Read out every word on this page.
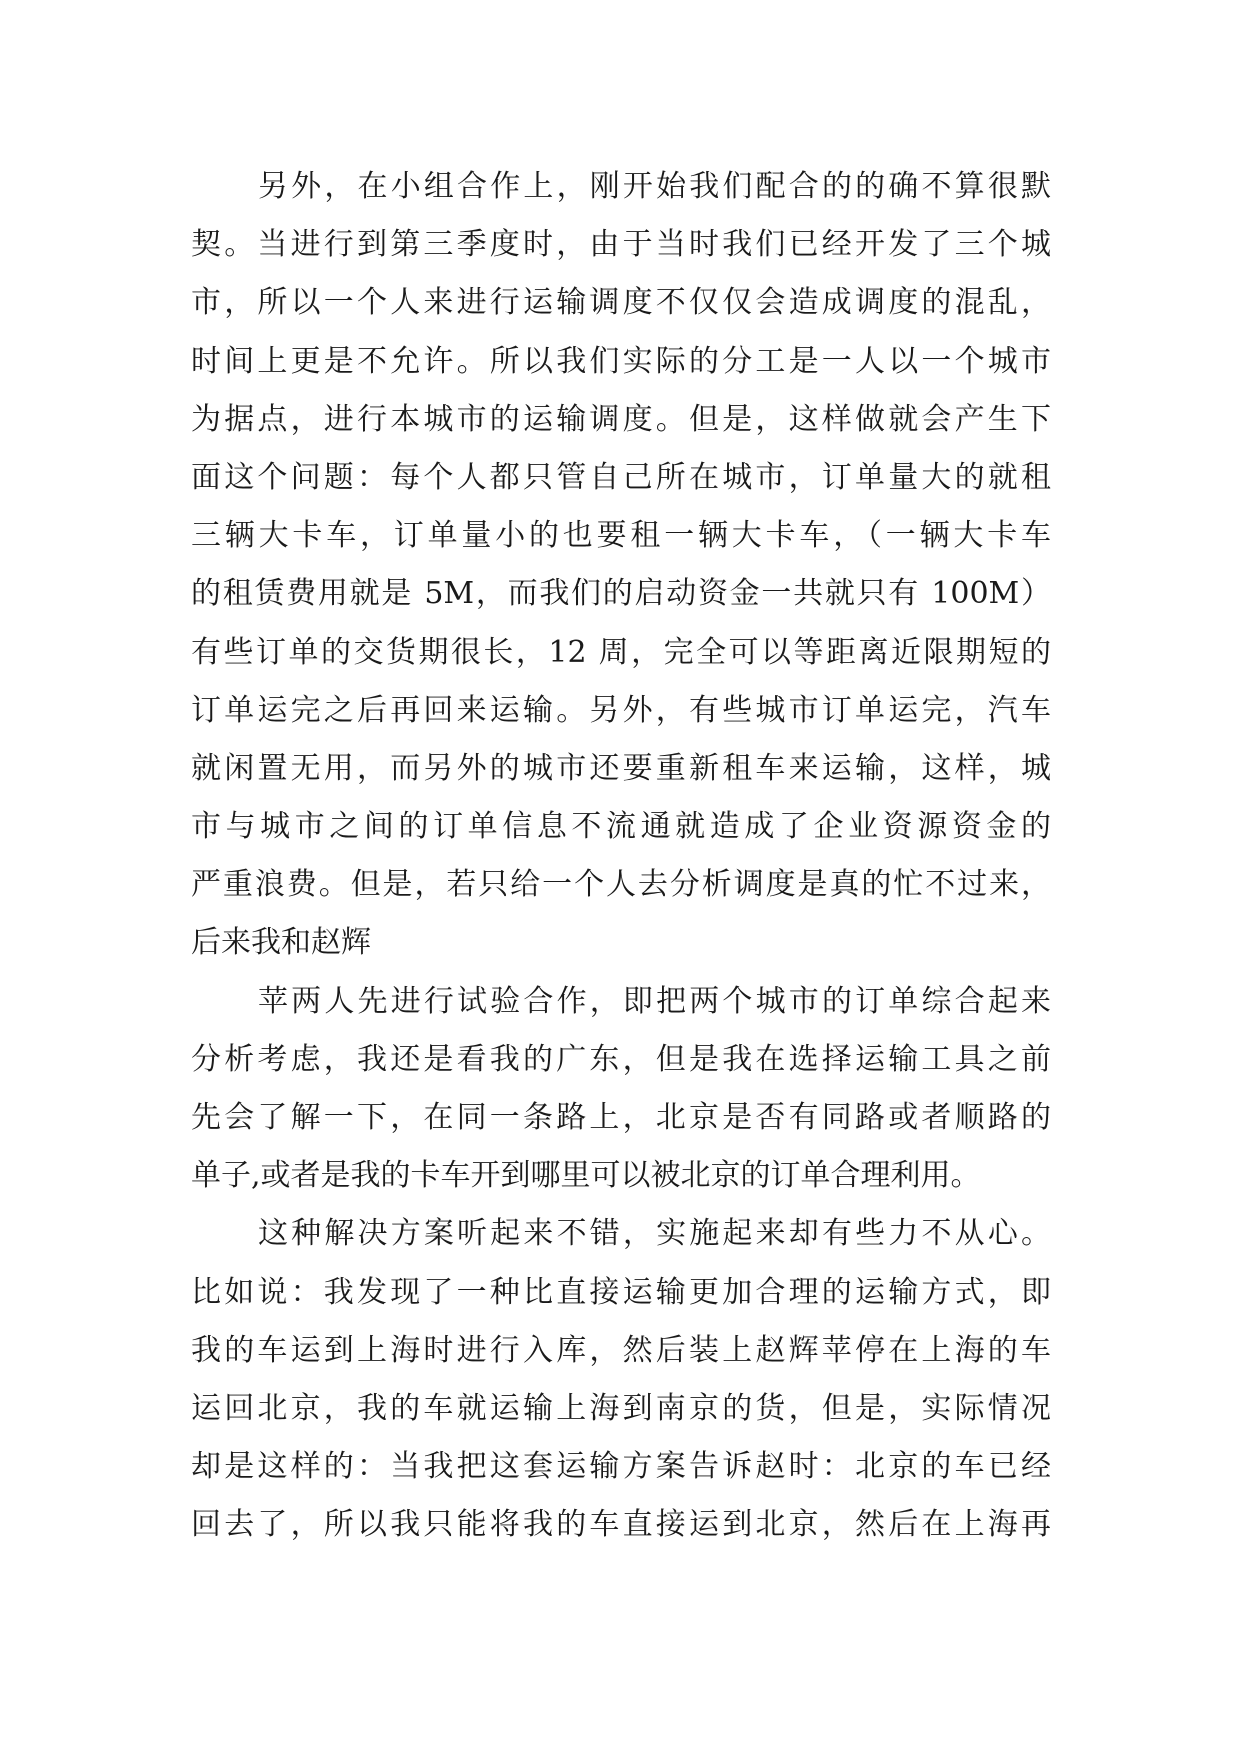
另外，在小组合作上，刚开始我们配合的的确不算很默
契。当进行到第三季度时，由于当时我们已经开发了三个城
市，所以一个人来进行运输调度不仅仅会造成调度的混乱，
时间上更是不允许。所以我们实际的分工是一人以一个城市
为据点，进行本城市的运输调度。但是，这样做就会产生下
面这个问题：每个人都只管自己所在城市，订单量大的就租
三辆大卡车，订单量小的也要租一辆大卡车，（一辆大卡车
的租赁费用就是 5M，而我们的启动资金一共就只有 100M）
有些订单的交货期很长，12 周，完全可以等距离近限期短的
订单运完之后再回来运输。另外，有些城市订单运完，汽车
就闲置无用，而另外的城市还要重新租车来运输，这样，城
市与城市之间的订单信息不流通就造成了企业资源资金的
严重浪费。但是，若只给一个人去分析调度是真的忙不过来，
后来我和赵辉
苹两人先进行试验合作，即把两个城市的订单综合起来
分析考虑，我还是看我的广东，但是我在选择运输工具之前
先会了解一下，在同一条路上，北京是否有同路或者顺路的
单子,或者是我的卡车开到哪里可以被北京的订单合理利用。
这种解决方案听起来不错，实施起来却有些力不从心。
比如说：我发现了一种比直接运输更加合理的运输方式，即
我的车运到上海时进行入库，然后装上赵辉苹停在上海的车
运回北京，我的车就运输上海到南京的货，但是，实际情况
却是这样的：当我把这套运输方案告诉赵时：北京的车已经
回去了，所以我只能将我的车直接运到北京，然后在上海再
